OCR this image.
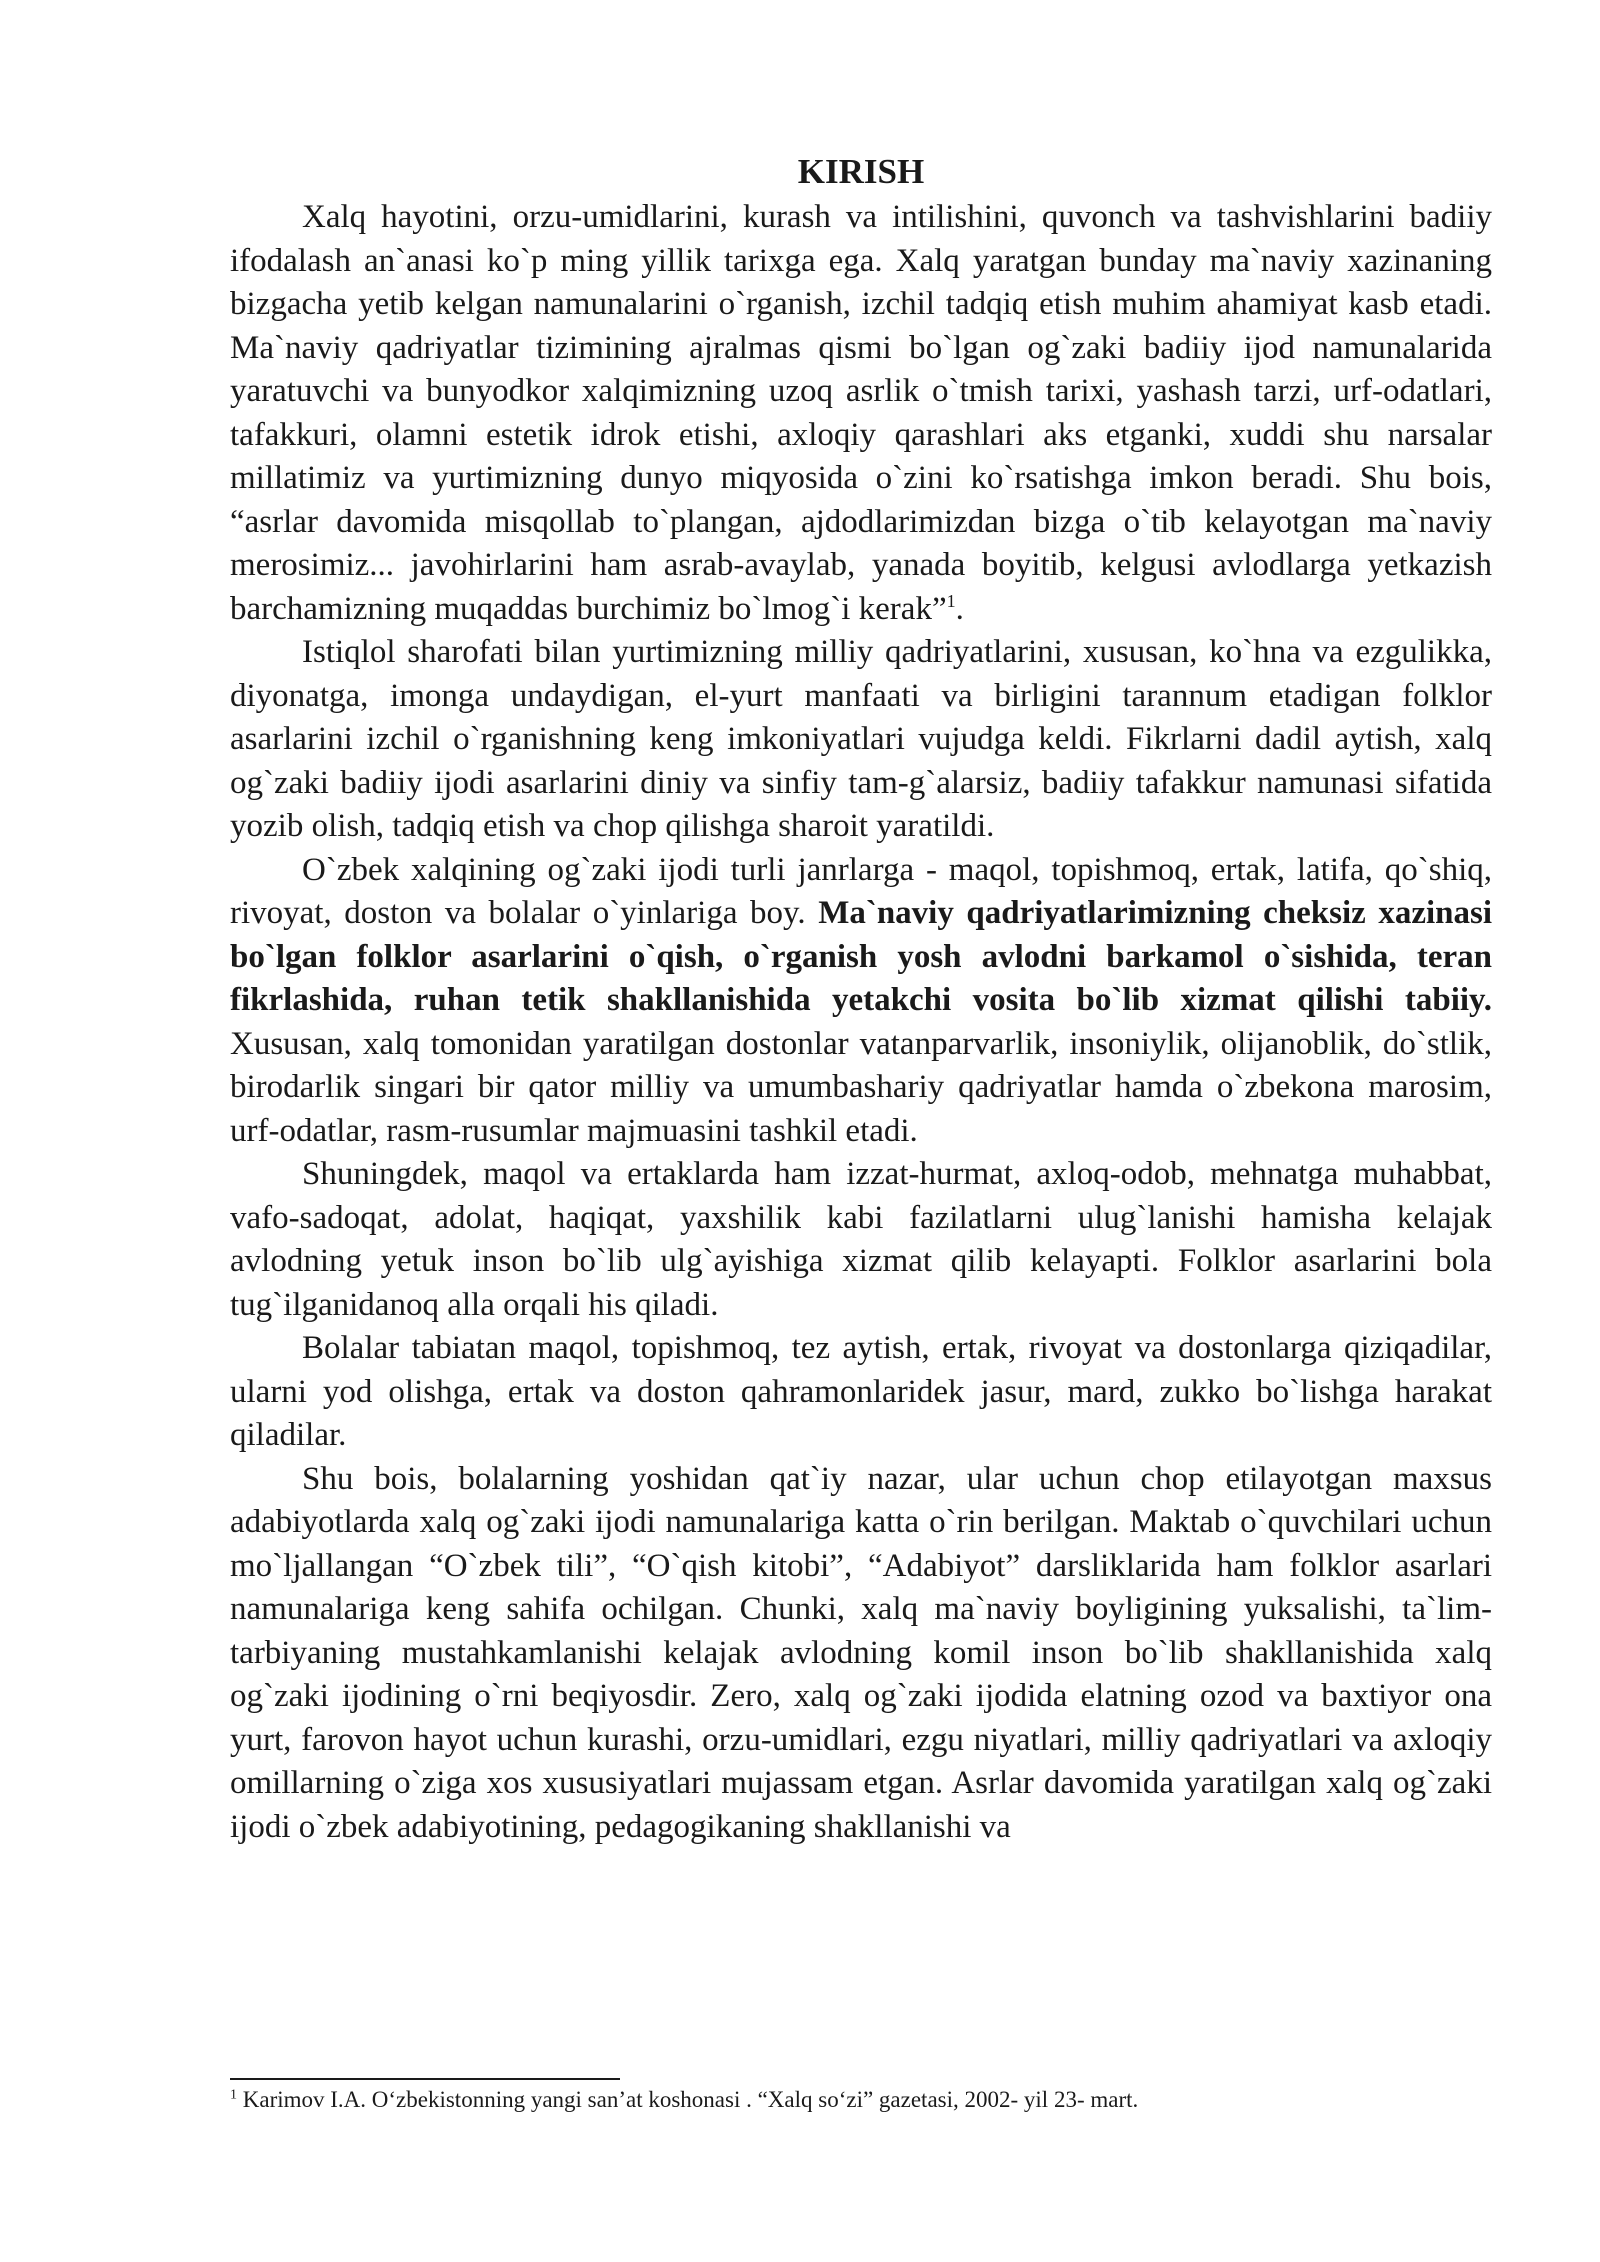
KIRISH

Xalq hayotini, orzu-umidlarini, kurash va intilishini, quvonch va tashvishlarini badiiy ifodalash an`anasi ko`p ming yillik tarixga ega. Xalq yaratgan bunday ma`naviy xazinaning bizgacha yetib kelgan namunalarini o`rganish, izchil tadqiq etish muhim ahamiyat kasb etadi. Ma`naviy qadriyatlar tizimining ajralmas qismi bo`lgan og`zaki badiiy ijod namunalarida yaratuvchi va bunyodkor xalqimizning uzoq asrlik o`tmish tarixi, yashash tarzi, urf-odatlari, tafakkuri, olamni estetik idrok etishi, axloqiy qarashlari aks etganki, xuddi shu narsalar millatimiz va yurtimizning dunyo miqyosida o`zini ko`rsatishga imkon beradi. Shu bois, “asrlar davomida misqollab to`plangan, ajdodlarimizdan bizga o`tib kelayotgan ma`naviy merosimiz... javohirlarini ham asrab-avaylab, yanada boyitib, kelgusi avlodlarga yetkazish barchamizning muqaddas burchimiz bo`lmog`i kerak”$^1$.

Istiqlol sharofati bilan yurtimizning milliy qadriyatlarini, xususan, ko`hna va ezgulikka, diyonatga, imonga undaydigan, el-yurt manfaati va birligini tarannum etadigan folklor asarlarini izchil o`rganishning keng imkoniyatlari vujudga keldi. Fikrlarni dadil aytish, xalq og`zaki badiiy ijodi asarlarini diniy va sinfiy tam-g`alarsiz, badiiy tafakkur namunasi sifatida yozib olish, tadqiq etish va chop qilishga sharoit yaratildi.

O`zbek xalqining og`zaki ijodi turli janrlarga - maqol, topishmoq, ertak, latifa, qo`shiq, rivoyat, doston va bolalar o`yinlariga boy. Ma`naviy qadriyatlarimizning cheksiz xazinasi bo`lgan folklor asarlarini o`qish, o`rganish yosh avlodni barkamol o`sishida, teran fikrlashida, ruhan tetik shakllanishida yetakchi vosita bo`lib xizmat qilishi tabiiy. Xususan, xalq tomonidan yaratilgan dostonlar vatanparvarlik, insoniylik, olijanoblik, do`stlik, birodarlik singari bir qator milliy va umumbashariy qadriyatlar hamda o`zbekona marosim, urf-odatlar, rasm-rusumlar majmuasini tashkil etadi.

Shuningdek, maqol va ertaklarda ham izzat-hurmat, axloq-odob, mehnatga muhabbat, vafo-sadoqat, adolat, haqiqat, yaxshilik kabi fazilatlarni ulug`lanishi hamisha kelajak avlodning yetuk inson bo`lib ulg`ayishiga xizmat qilib kelayapti. Folklor asarlarini bola tug`ilganidanoq alla orqali his qiladi.

Bolalar tabiatan maqol, topishmoq, tez aytish, ertak, rivoyat va dostonlarga qiziqadilar, ularni yod olishga, ertak va doston qahramonlaridek jasur, mard, zukko bo`lishga harakat qiladilar.

Shu bois, bolalarning yoshidan qat`iy nazar, ular uchun chop etilayotgan maxsus adabiyotlarda xalq og`zaki ijodi namunalariga katta o`rin berilgan. Maktab o`quvchilari uchun mo`ljallangan “O`zbek tili”, “O`qish kitobi”, “Adabiyot” darsliklarida ham folklor asarlari namunalariga keng sahifa ochilgan. Chunki, xalq ma`naviy boyligining yuksalishi, ta`lim-tarbiyaning mustahkamlanishi kelajak avlodning komil inson bo`lib shakllanishida xalq og`zaki ijodining o`rni beqiyosdir. Zero, xalq og`zaki ijodida elatning ozod va baxtiyor ona yurt, farovon hayot uchun kurashi, orzu-umidlari, ezgu niyatlari, milliy qadriyatlari va axloqiy omillarning o`ziga xos xususiyatlari mujassam etgan. Asrlar davomida yaratilgan xalq og`zaki ijodi o`zbek adabiyotining, pedagogikaning shakllanishi va

$^1$ Karimov I.A. O‘zbekistonning yangi san’at koshonasi . “Xalq so‘zi” gazetasi, 2002- yil 23- mart.
